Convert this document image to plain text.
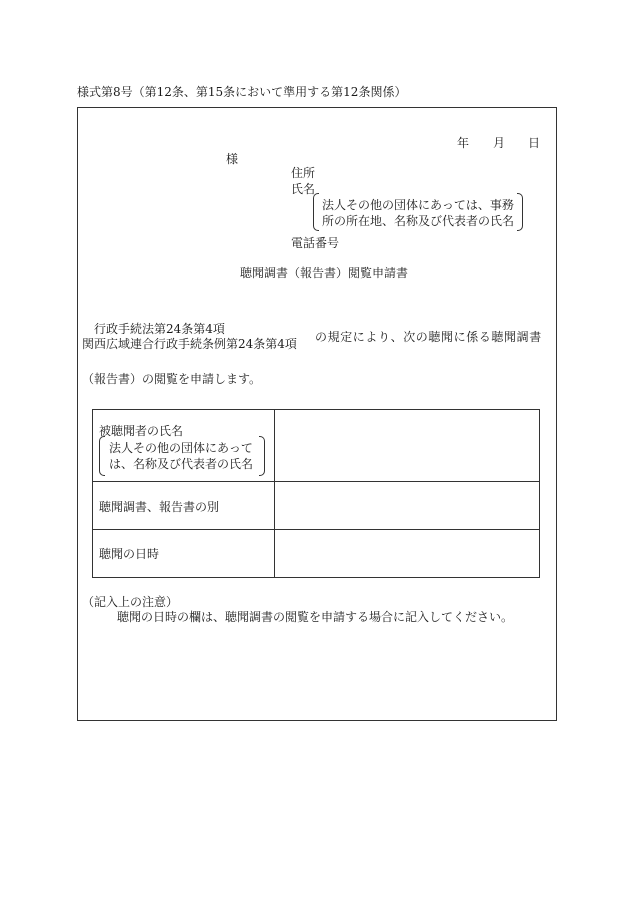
様式第8号（第12条、第15条において準用する第12条関係）
年 月 日
様
住所
氏名
法人その他の団体にあっては、事務
所の所在地、名称及び代表者の氏名
電話番号
聴聞調書（報告書）閲覧申請書
行政手続法第24条第4項
関西広域連合行政手続条例第24条第4項 の規定により、次の聴聞に係る聴聞調書
（報告書）の閲覧を申請します。
被聴聞者の氏名
法人その他の団体にあって
は、名称及び代表者の氏名	

聴聞調書、報告書の別	

聴聞の日時	

（記入上の注意）
聴聞の日時の欄は、聴聞調書の閲覧を申請する場合に記入してください。
